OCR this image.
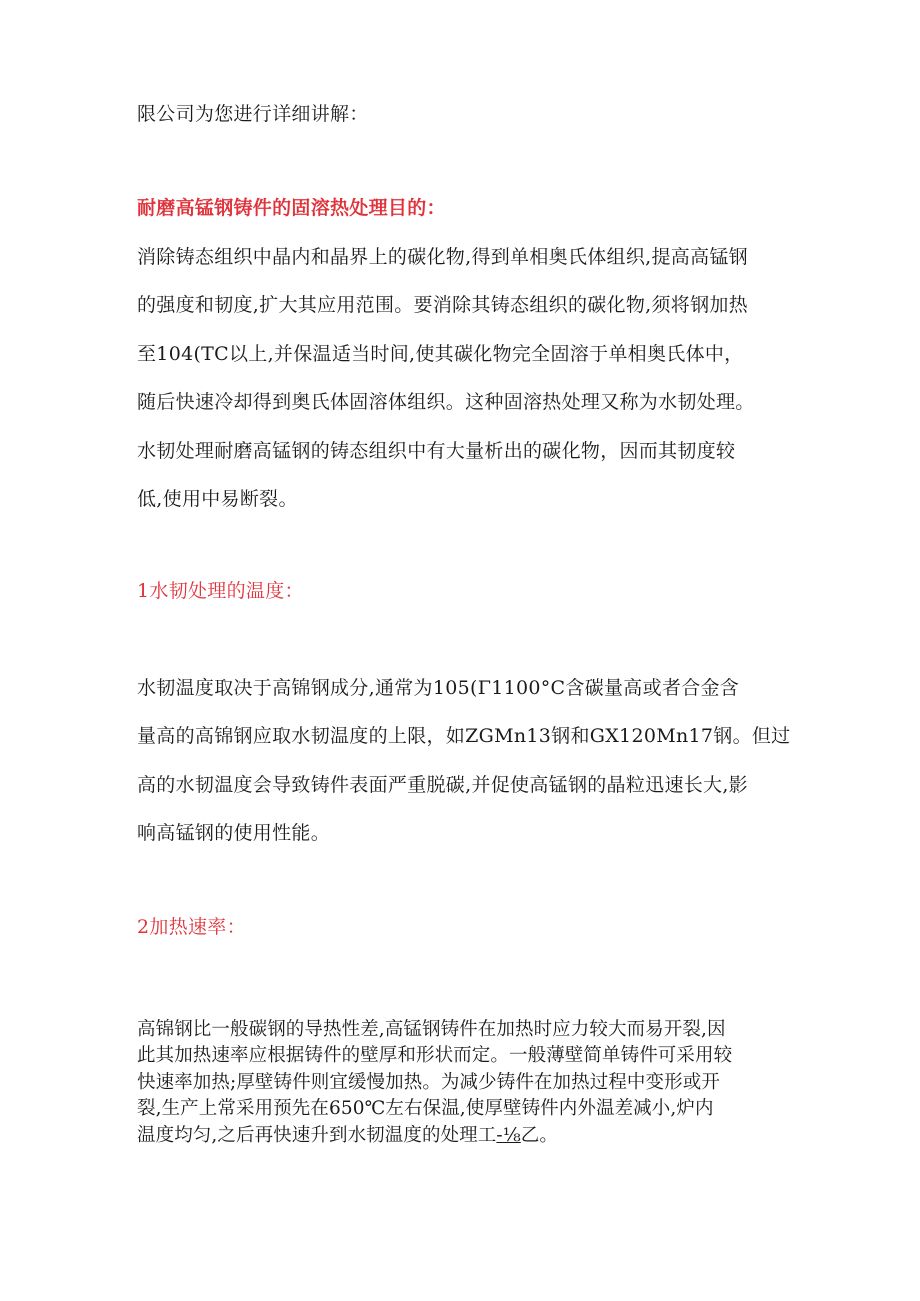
限公司为您进行详细讲解：
耐磨高锰钢铸件的固溶热处理目的：
消除铸态组织中晶内和晶界上的碳化物,得到单相奥氏体组织,提高高锰钢
的强度和韧度,扩大其应用范围。要消除其铸态组织的碳化物,须将钢加热
至104(TC以上,并保温适当时间,使其碳化物完全固溶于单相奥氏体中，
随后快速冷却得到奥氏体固溶体组织。这种固溶热处理又称为水韧处理。
水韧处理耐磨高锰钢的铸态组织中有大量析出的碳化物，因而其韧度较
低,使用中易断裂。
1水韧处理的温度：
水韧温度取决于高锦钢成分,通常为105(Γ1100°C含碳量高或者合金含
量高的高锦钢应取水韧温度的上限，如ZGMn13钢和GX120Mn17钢。但过
高的水韧温度会导致铸件表面严重脱碳,并促使高锰钢的晶粒迅速长大,影
响高锰钢的使用性能。
2加热速率：
高锦钢比一般碳钢的导热性差,高锰钢铸件在加热时应力较大而易开裂,因
此其加热速率应根据铸件的壁厚和形状而定。一般薄壁简单铸件可采用较
快速率加热;厚壁铸件则宜缓慢加热。为减少铸件在加热过程中变形或开
裂,生产上常采用预先在650℃左右保温,使厚壁铸件内外温差减小,炉内
温度均匀,之后再快速升到水韧温度的处理工-⅛乙。
